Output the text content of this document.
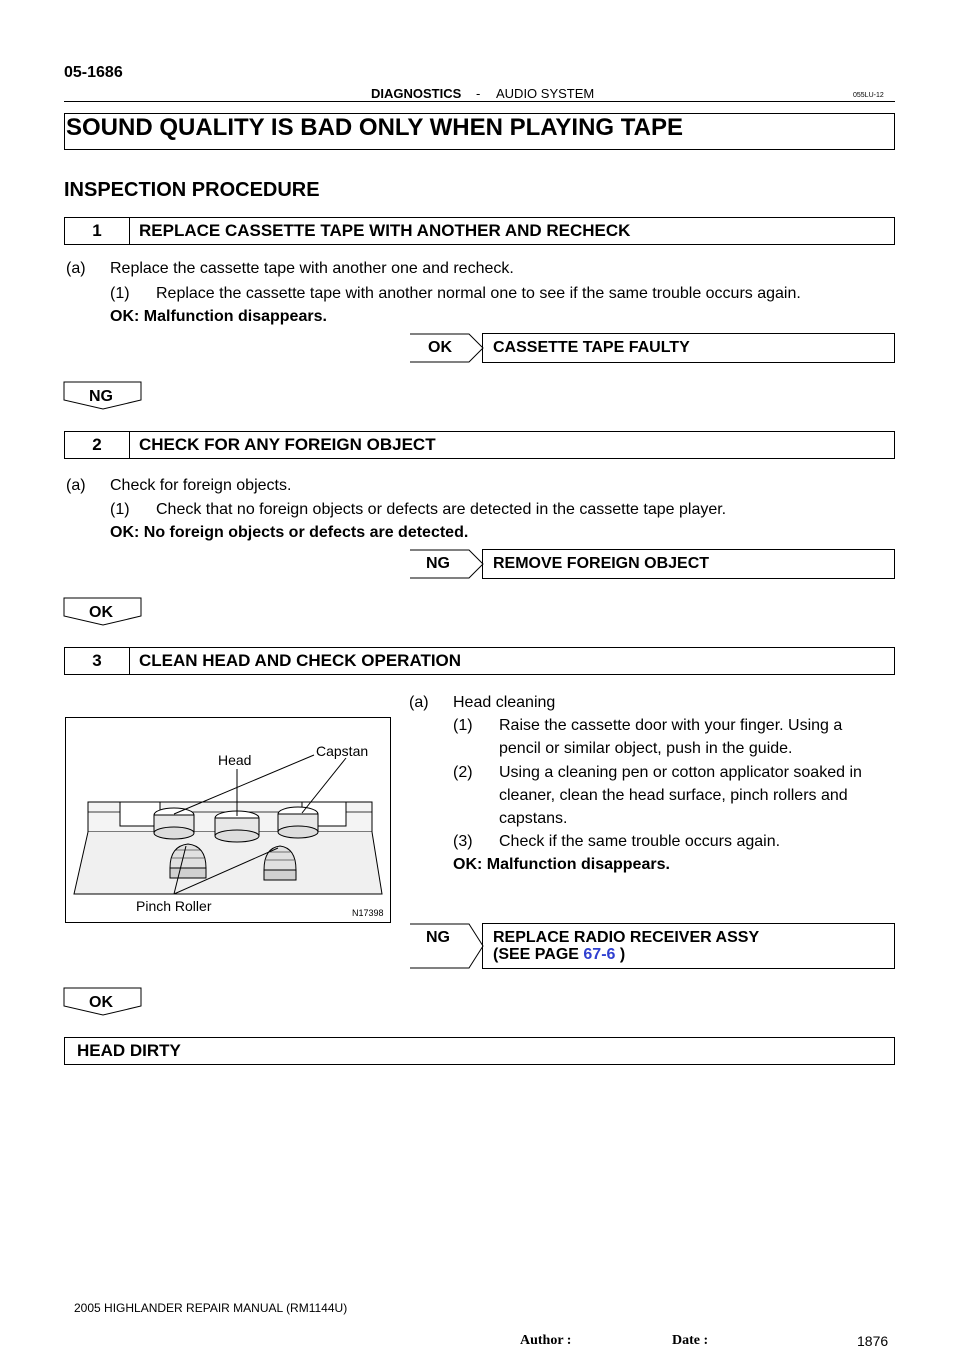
05-1686
DIAGNOSTICS - AUDIO SYSTEM	055LU-12
SOUND QUALITY IS BAD ONLY WHEN PLAYING TAPE
INSPECTION PROCEDURE
1	REPLACE CASSETTE TAPE WITH ANOTHER AND RECHECK
(a) Replace the cassette tape with another one and recheck.
(1) Replace the cassette tape with another normal one to see if the same trouble occurs again.
OK: Malfunction disappears.
OK	CASSETTE TAPE FAULTY
NG
2	CHECK FOR ANY FOREIGN OBJECT
(a) Check for foreign objects.
(1) Check that no foreign objects or defects are detected in the cassette tape player.
OK: No foreign objects or defects are detected.
NG	REMOVE FOREIGN OBJECT
OK
3	CLEAN HEAD AND CHECK OPERATION
(a) Head cleaning
(1) Raise the cassette door with your finger. Using a
pencil or similar object, push in the guide.
(2) Using a cleaning pen or cotton applicator soaked in
cleaner, clean the head surface, pinch rollers and
capstans.
(3) Check if the same trouble occurs again.
OK: Malfunction disappears.
Head
Capstan
Pinch Roller	N17398
NG	REPLACE RADIO RECEIVER ASSY
(SEE PAGE 67-6 )
OK
HEAD DIRTY
2005 HIGHLANDER REPAIR MANUAL (RM1144U)
Author :	Date :	1876
